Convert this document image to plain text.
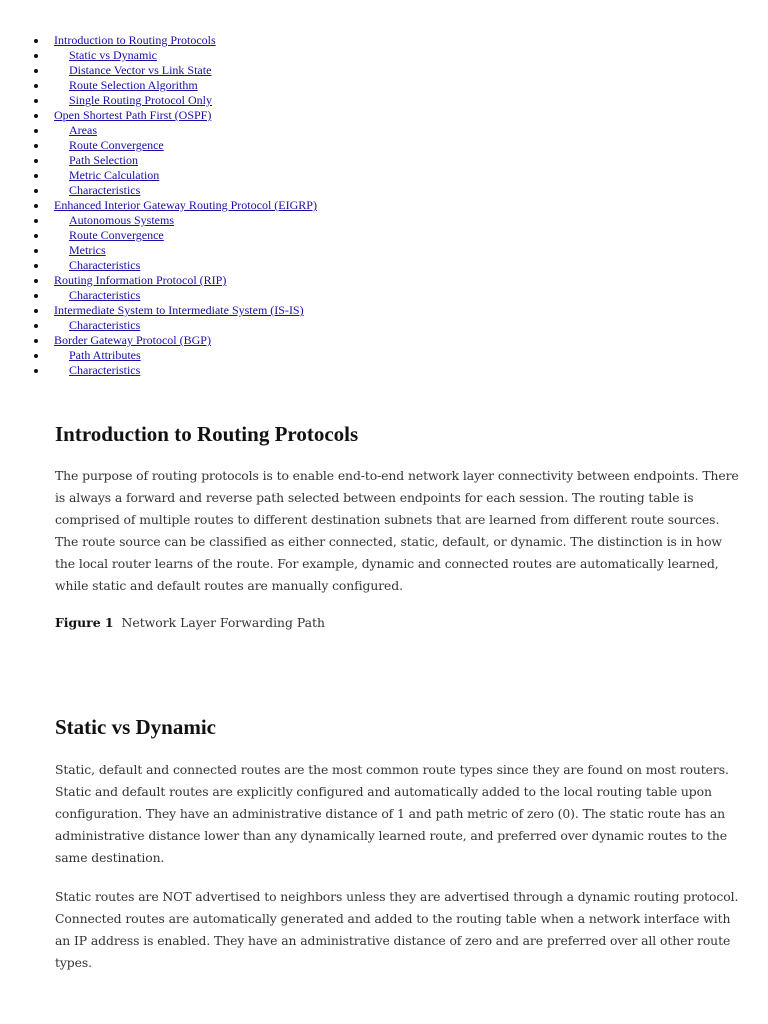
Introduction to Routing Protocols
Static vs Dynamic
Distance Vector vs Link State
Route Selection Algorithm
Single Routing Protocol Only
Open Shortest Path First (OSPF)
Areas
Route Convergence
Path Selection
Metric Calculation
Characteristics
Enhanced Interior Gateway Routing Protocol (EIGRP)
Autonomous Systems
Route Convergence
Metrics
Characteristics
Routing Information Protocol (RIP)
Characteristics
Intermediate System to Intermediate System (IS-IS)
Characteristics
Border Gateway Protocol (BGP)
Path Attributes
Characteristics
Introduction to Routing Protocols

The purpose of routing protocols is to enable end-to-end network layer connectivity between endpoints. There is always a forward and reverse path selected between endpoints for each session. The routing table is comprised of multiple routes to different destination subnets that are learned from different route sources. The route source can be classified as either connected, static, default, or dynamic. The distinction is in how the local router learns of the route. For example, dynamic and connected routes are automatically learned, while static and default routes are manually configured.

Figure 1 Network Layer Forwarding Path
Static vs Dynamic

Static, default and connected routes are the most common route types since they are found on most routers. Static and default routes are explicitly configured and automatically added to the local routing table upon configuration. They have an administrative distance of 1 and path metric of zero (0). The static route has an administrative distance lower than any dynamically learned route, and preferred over dynamic routes to the same destination.

Static routes are NOT advertised to neighbors unless they are advertised through a dynamic routing protocol. Connected routes are automatically generated and added to the routing table when a network interface with an IP address is enabled. They have an administrative distance of zero and are preferred over all other route types.
